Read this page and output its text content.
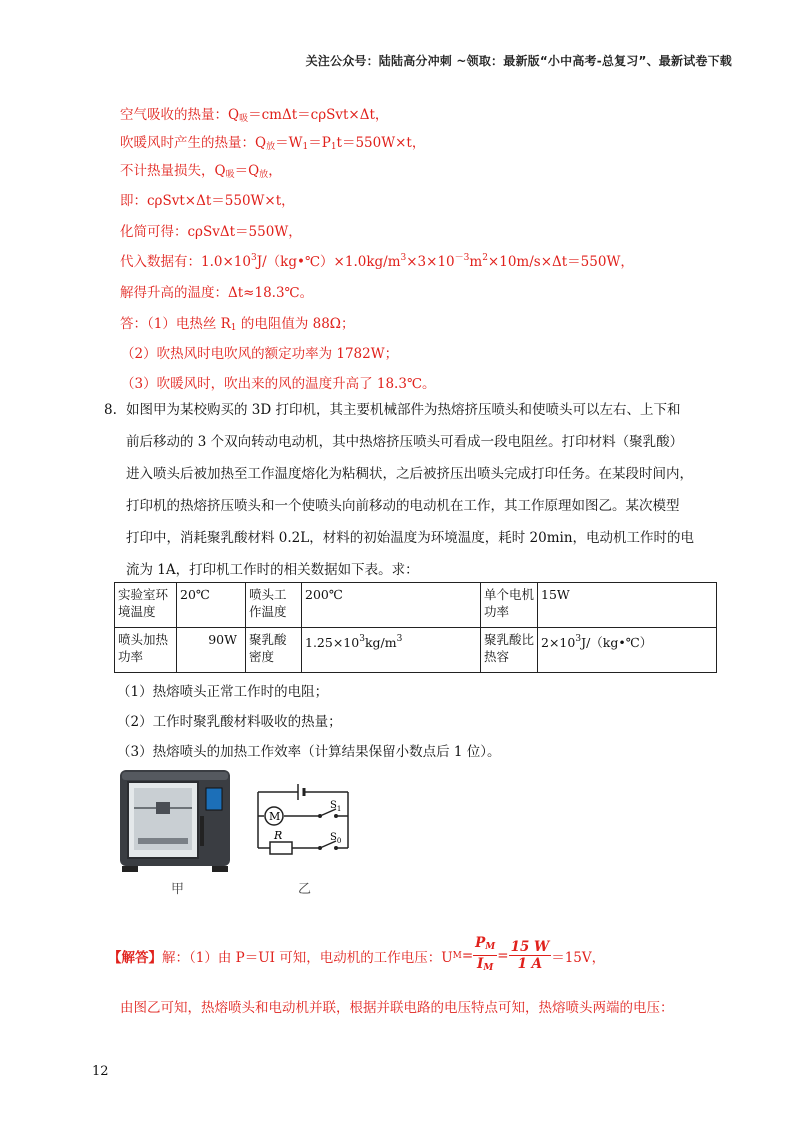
关注公众号：陆陆高分冲刺 ~领取：最新版“小中高考-总复习”、最新试卷下载
空气吸收的热量：$Q_吸=cm\Delta t=c\rho Svt\times\Delta t$，
吹暖风时产生的热量：$Q_放=W_1=P_1t=550W\times t$，
不计热量损失，$Q_吸=Q_放$，
即：cρSvt×Δt＝550W×t，
化简可得：cρSvΔt＝550W，
代入数据有：$1.0\times 10^3J/(kg•℃)\times 1.0kg/m^3\times 3\times 10^{-3}m^2\times 10m/s\times\Delta t=550W$，
解得升高的温度：Δt≈18.3℃。
答：（1）电热丝 $R_1$ 的电阻值为 88Ω；
（2）吹热风时电吹风的额定功率为 1782W；
（3）吹暖风时，吹出来的风的温度升高了 18.3℃。
8. 如图甲为某校购买的 3D 打印机，其主要机械部件为热熔挤压喷头和使喷头可以左右、上下和
前后移动的 3 个双向转动电动机，其中热熔挤压喷头可看成一段电阻丝。打印材料（聚乳酸）
进入喷头后被加热至工作温度熔化为粘稠状，之后被挤压出喷头完成打印任务。在某段时间内，
打印机的热熔挤压喷头和一个使喷头向前移动的电动机在工作，其工作原理如图乙。某次模型
打印中，消耗聚乳酸材料 0.2L，材料的初始温度为环境温度，耗时 20min，电动机工作时的电
流为 1A，打印机工作时的相关数据如下表。求：
实验室环境温度	20℃	喷头工作温度	200℃	单个电机功率	15W
喷头加热功率	90W	聚乳酸密度	$1.25\times 10^3kg/m^3$	聚乳酸比热容	$2\times 10^3J/(kg•℃)$
（1）热熔喷头正常工作时的电阻；
（2）工作时聚乳酸材料吸收的热量；
（3）热熔喷头的加热工作效率（计算结果保留小数点后 1 位）。
甲
M
R
$S_1$
$S_0$
乙
【解答】 解：（1）由 P＝UI 可知，电动机的工作电压：U $M = \frac{P_M}{I_M} = \frac{15 W}{1 A} =15V$，
由图乙可知，热熔喷头和电动机并联，根据并联电路的电压特点可知，热熔喷头两端的电压：
12
